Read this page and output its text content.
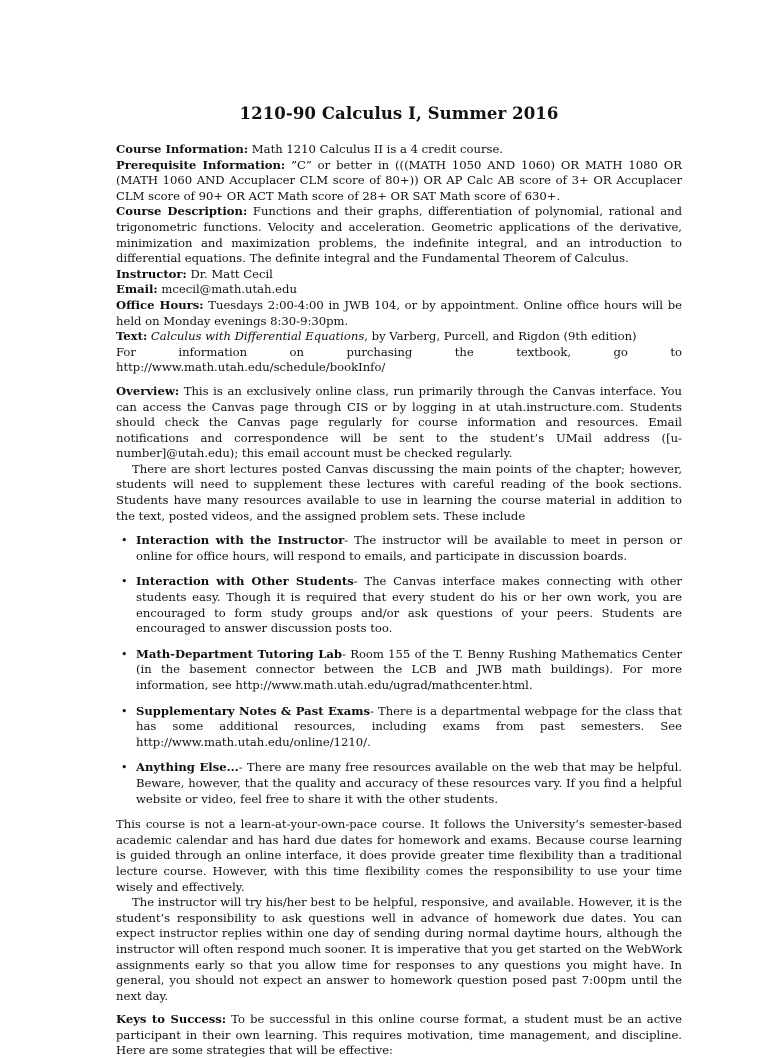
1210-90 Calculus I, Summer 2016

Course Information: Math 1210 Calculus II is a 4 credit course.

Prerequisite Information: ”C” or better in (((MATH 1050 AND 1060) OR MATH 1080 OR (MATH 1060 AND Accuplacer CLM score of 80+)) OR AP Calc AB score of 3+ OR Accuplacer CLM score of 90+ OR ACT Math score of 28+ OR SAT Math score of 630+.

Course Description: Functions and their graphs, differentiation of polynomial, rational and trigonometric functions. Velocity and acceleration. Geometric applications of the derivative, minimization and maximization problems, the indefinite integral, and an introduction to differential equations. The definite integral and the Fundamental Theorem of Calculus.

Instructor: Dr. Matt Cecil

Email: mcecil@math.utah.edu

Office Hours: Tuesdays 2:00-4:00 in JWB 104, or by appointment. Online office hours will be held on Monday evenings 8:30-9:30pm.

Text: Calculus with Differential Equations, by Varberg, Purcell, and Rigdon (9th edition)

For information on purchasing the textbook, go to http://www.math.utah.edu/schedule/bookInfo/

Overview: This is an exclusively online class, run primarily through the Canvas interface. You can access the Canvas page through CIS or by logging in at utah.instructure.com. Students should check the Canvas page regularly for course information and resources. Email notifications and correspondence will be sent to the student’s UMail address ([u-number]@utah.edu); this email account must be checked regularly.

There are short lectures posted Canvas discussing the main points of the chapter; however, students will need to supplement these lectures with careful reading of the book sections. Students have many resources available to use in learning the course material in addition to the text, posted videos, and the assigned problem sets. These include

• Interaction with the Instructor- The instructor will be available to meet in person or online for office hours, will respond to emails, and participate in discussion boards.
• Interaction with Other Students- The Canvas interface makes connecting with other students easy. Though it is required that every student do his or her own work, you are encouraged to form study groups and/or ask questions of your peers. Students are encouraged to answer discussion posts too.
• Math-Department Tutoring Lab- Room 155 of the T. Benny Rushing Mathematics Center (in the basement connector between the LCB and JWB math buildings). For more information, see http://www.math.utah.edu/ugrad/mathcenter.html.
• Supplementary Notes & Past Exams- There is a departmental webpage for the class that has some additional resources, including exams from past semesters. See http://www.math.utah.edu/online/1210/.
• Anything Else...- There are many free resources available on the web that may be helpful. Beware, however, that the quality and accuracy of these resources vary. If you find a helpful website or video, feel free to share it with the other students.

This course is not a learn-at-your-own-pace course. It follows the University’s semester-based academic calendar and has hard due dates for homework and exams. Because course learning is guided through an online interface, it does provide greater time flexibility than a traditional lecture course. However, with this time flexibility comes the responsibility to use your time wisely and effectively.

The instructor will try his/her best to be helpful, responsive, and available. However, it is the student’s responsibility to ask questions well in advance of homework due dates. You can expect instructor replies within one day of sending during normal daytime hours, although the instructor will often respond much sooner. It is imperative that you get started on the WebWork assignments early so that you allow time for responses to any questions you might have. In general, you should not expect an answer to homework question posed past 7:00pm until the next day.

Keys to Success: To be successful in this online course format, a student must be an active participant in their own learning. This requires motivation, time management, and discipline. Here are some strategies that will be effective:
